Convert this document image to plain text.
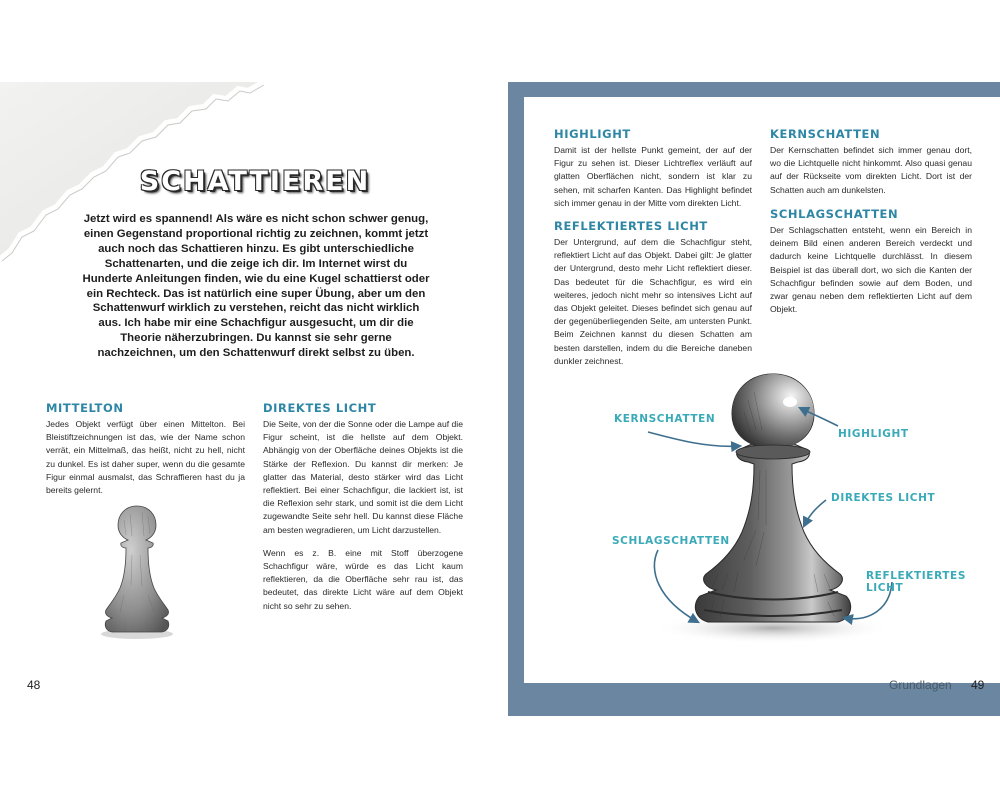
SCHATTIEREN
Jetzt wird es spannend! Als wäre es nicht schon schwer genug, einen Gegenstand proportional richtig zu zeichnen, kommt jetzt auch noch das Schattieren hinzu. Es gibt unterschiedliche Schattenarten, und die zeige ich dir. Im Internet wirst du Hunderte Anleitungen finden, wie du eine Kugel schattierst oder ein Rechteck. Das ist natürlich eine super Übung, aber um den Schattenwurf wirklich zu verstehen, reicht das nicht wirklich aus. Ich habe mir eine Schachfigur ausgesucht, um dir die Theorie näherzubringen. Du kannst sie sehr gerne nachzeichnen, um den Schattenwurf direkt selbst zu üben.
MITTELTON
Jedes Objekt verfügt über einen Mittelton. Bei Bleistiftzeichnungen ist das, wie der Name schon verrät, ein Mittelmaß, das heißt, nicht zu hell, nicht zu dunkel. Es ist daher super, wenn du die gesamte Figur einmal ausmalst, das Schraffieren hast du ja bereits gelernt.
DIREKTES LICHT

Die Seite, von der die Sonne oder die Lampe auf die Figur scheint, ist die hellste auf dem Objekt. Abhängig von der Oberfläche deines Objekts ist die Stärke der Reflexion. Du kannst dir merken: Je glatter das Material, desto stärker wird das Licht reflektiert. Bei einer Schachfigur, die lackiert ist, ist die Reflexion sehr stark, und somit ist die dem Licht zugewandte Seite sehr hell. Du kannst diese Fläche am besten wegradieren, um Licht darzustellen.

Wenn es z. B. eine mit Stoff überzogene Schachfigur wäre, würde es das Licht kaum reflektieren, da die Oberfläche sehr rau ist, das bedeutet, das direkte Licht wäre auf dem Objekt nicht so sehr zu sehen.

48
HIGHLIGHT
Damit ist der hellste Punkt gemeint, der auf der Figur zu sehen ist. Dieser Lichtreflex verläuft auf glatten Oberflächen nicht, sondern ist klar zu sehen, mit scharfen Kanten. Das Highlight befindet sich immer genau in der Mitte vom direkten Licht.
REFLEKTIERTES LICHT
Der Untergrund, auf dem die Schachfigur steht, reflektiert Licht auf das Objekt. Dabei gilt: Je glatter der Untergrund, desto mehr Licht reflektiert dieser. Das bedeutet für die Schachfigur, es wird ein weiteres, jedoch nicht mehr so intensives Licht auf das Objekt geleitet. Dieses befindet sich genau auf der gegenüberliegenden Seite, am untersten Punkt. Beim Zeichnen kannst du diesen Schatten am besten darstellen, indem du die Bereiche daneben dunkler zeichnest.
KERNSCHATTEN
Der Kernschatten befindet sich immer genau dort, wo die Lichtquelle nicht hinkommt. Also quasi genau auf der Rückseite vom direkten Licht. Dort ist der Schatten auch am dunkelsten.
SCHLAGSCHATTEN
Der Schlagschatten entsteht, wenn ein Bereich in deinem Bild einen anderen Bereich verdeckt und dadurch keine Lichtquelle durchlässt. In diesem Beispiel ist das überall dort, wo sich die Kanten der Schachfigur befinden sowie auf dem Boden, und zwar genau neben dem reflektierten Licht auf dem Objekt.
KERNSCHATTEN
HIGHLIGHT
DIREKTES LICHT
SCHLAGSCHATTEN
REFLEKTIERTES LICHT
Grundlagen 49
